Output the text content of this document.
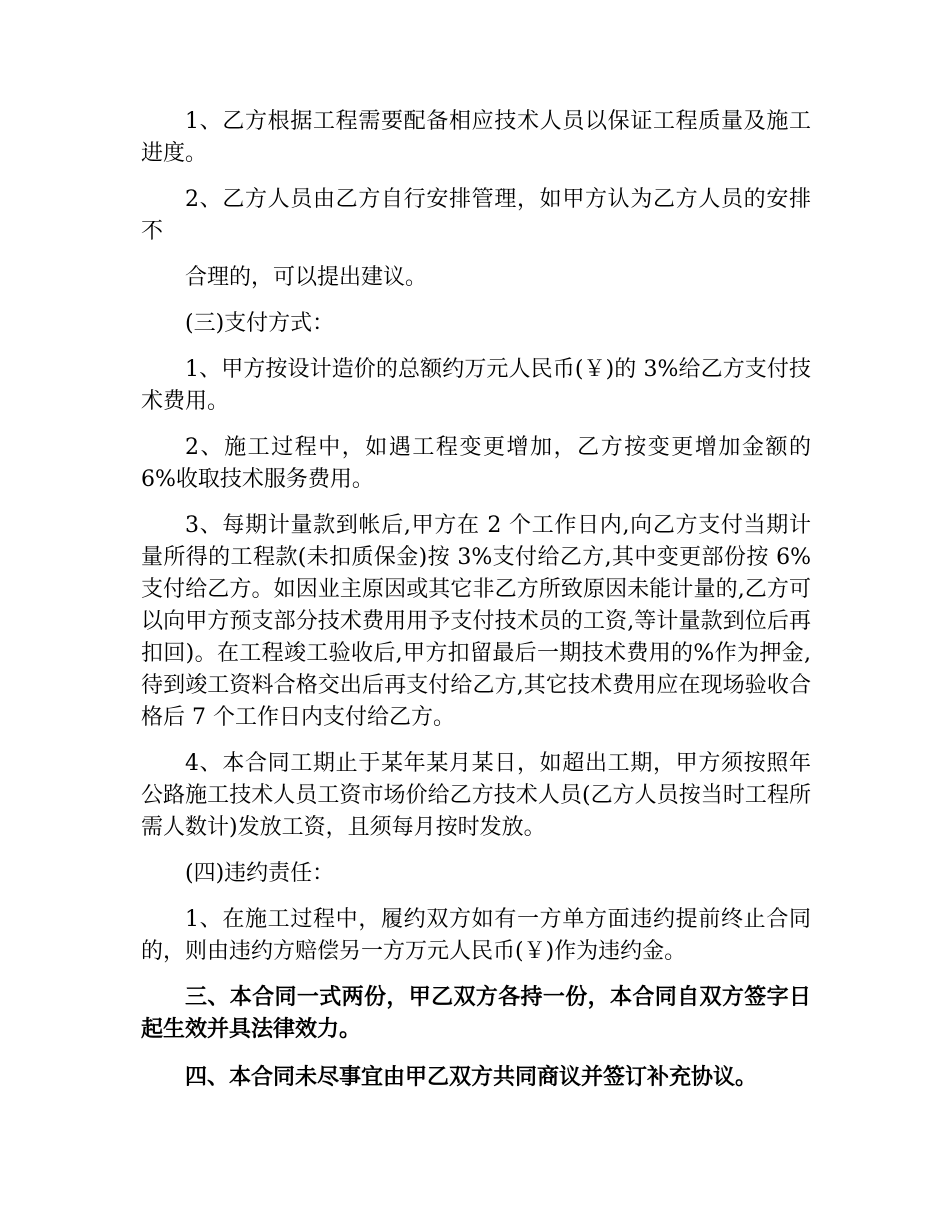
1、乙方根据工程需要配备相应技术人员以保证工程质量及施工进度。

2、乙方人员由乙方自行安排管理，如甲方认为乙方人员的安排不

合理的，可以提出建议。

(三)支付方式：

1、甲方按设计造价的总额约万元人民币(￥)的 3%给乙方支付技术费用。

2、施工过程中，如遇工程变更增加，乙方按变更增加金额的 6%收取技术服务费用。

3、每期计量款到帐后,甲方在 2 个工作日内,向乙方支付当期计量所得的工程款(未扣质保金)按 3%支付给乙方,其中变更部份按 6%支付给乙方。如因业主原因或其它非乙方所致原因未能计量的,乙方可以向甲方预支部分技术费用用予支付技术员的工资,等计量款到位后再扣回)。在工程竣工验收后,甲方扣留最后一期技术费用的%作为押金,待到竣工资料合格交出后再支付给乙方,其它技术费用应在现场验收合格后 7 个工作日内支付给乙方。

4、本合同工期止于某年某月某日，如超出工期，甲方须按照年公路施工技术人员工资市场价给乙方技术人员(乙方人员按当时工程所需人数计)发放工资，且须每月按时发放。

(四)违约责任：

1、在施工过程中，履约双方如有一方单方面违约提前终止合同的，则由违约方赔偿另一方万元人民币(￥)作为违约金。

三、本合同一式两份，甲乙双方各持一份，本合同自双方签字日起生效并具法律效力。

四、本合同未尽事宜由甲乙双方共同商议并签订补充协议。
